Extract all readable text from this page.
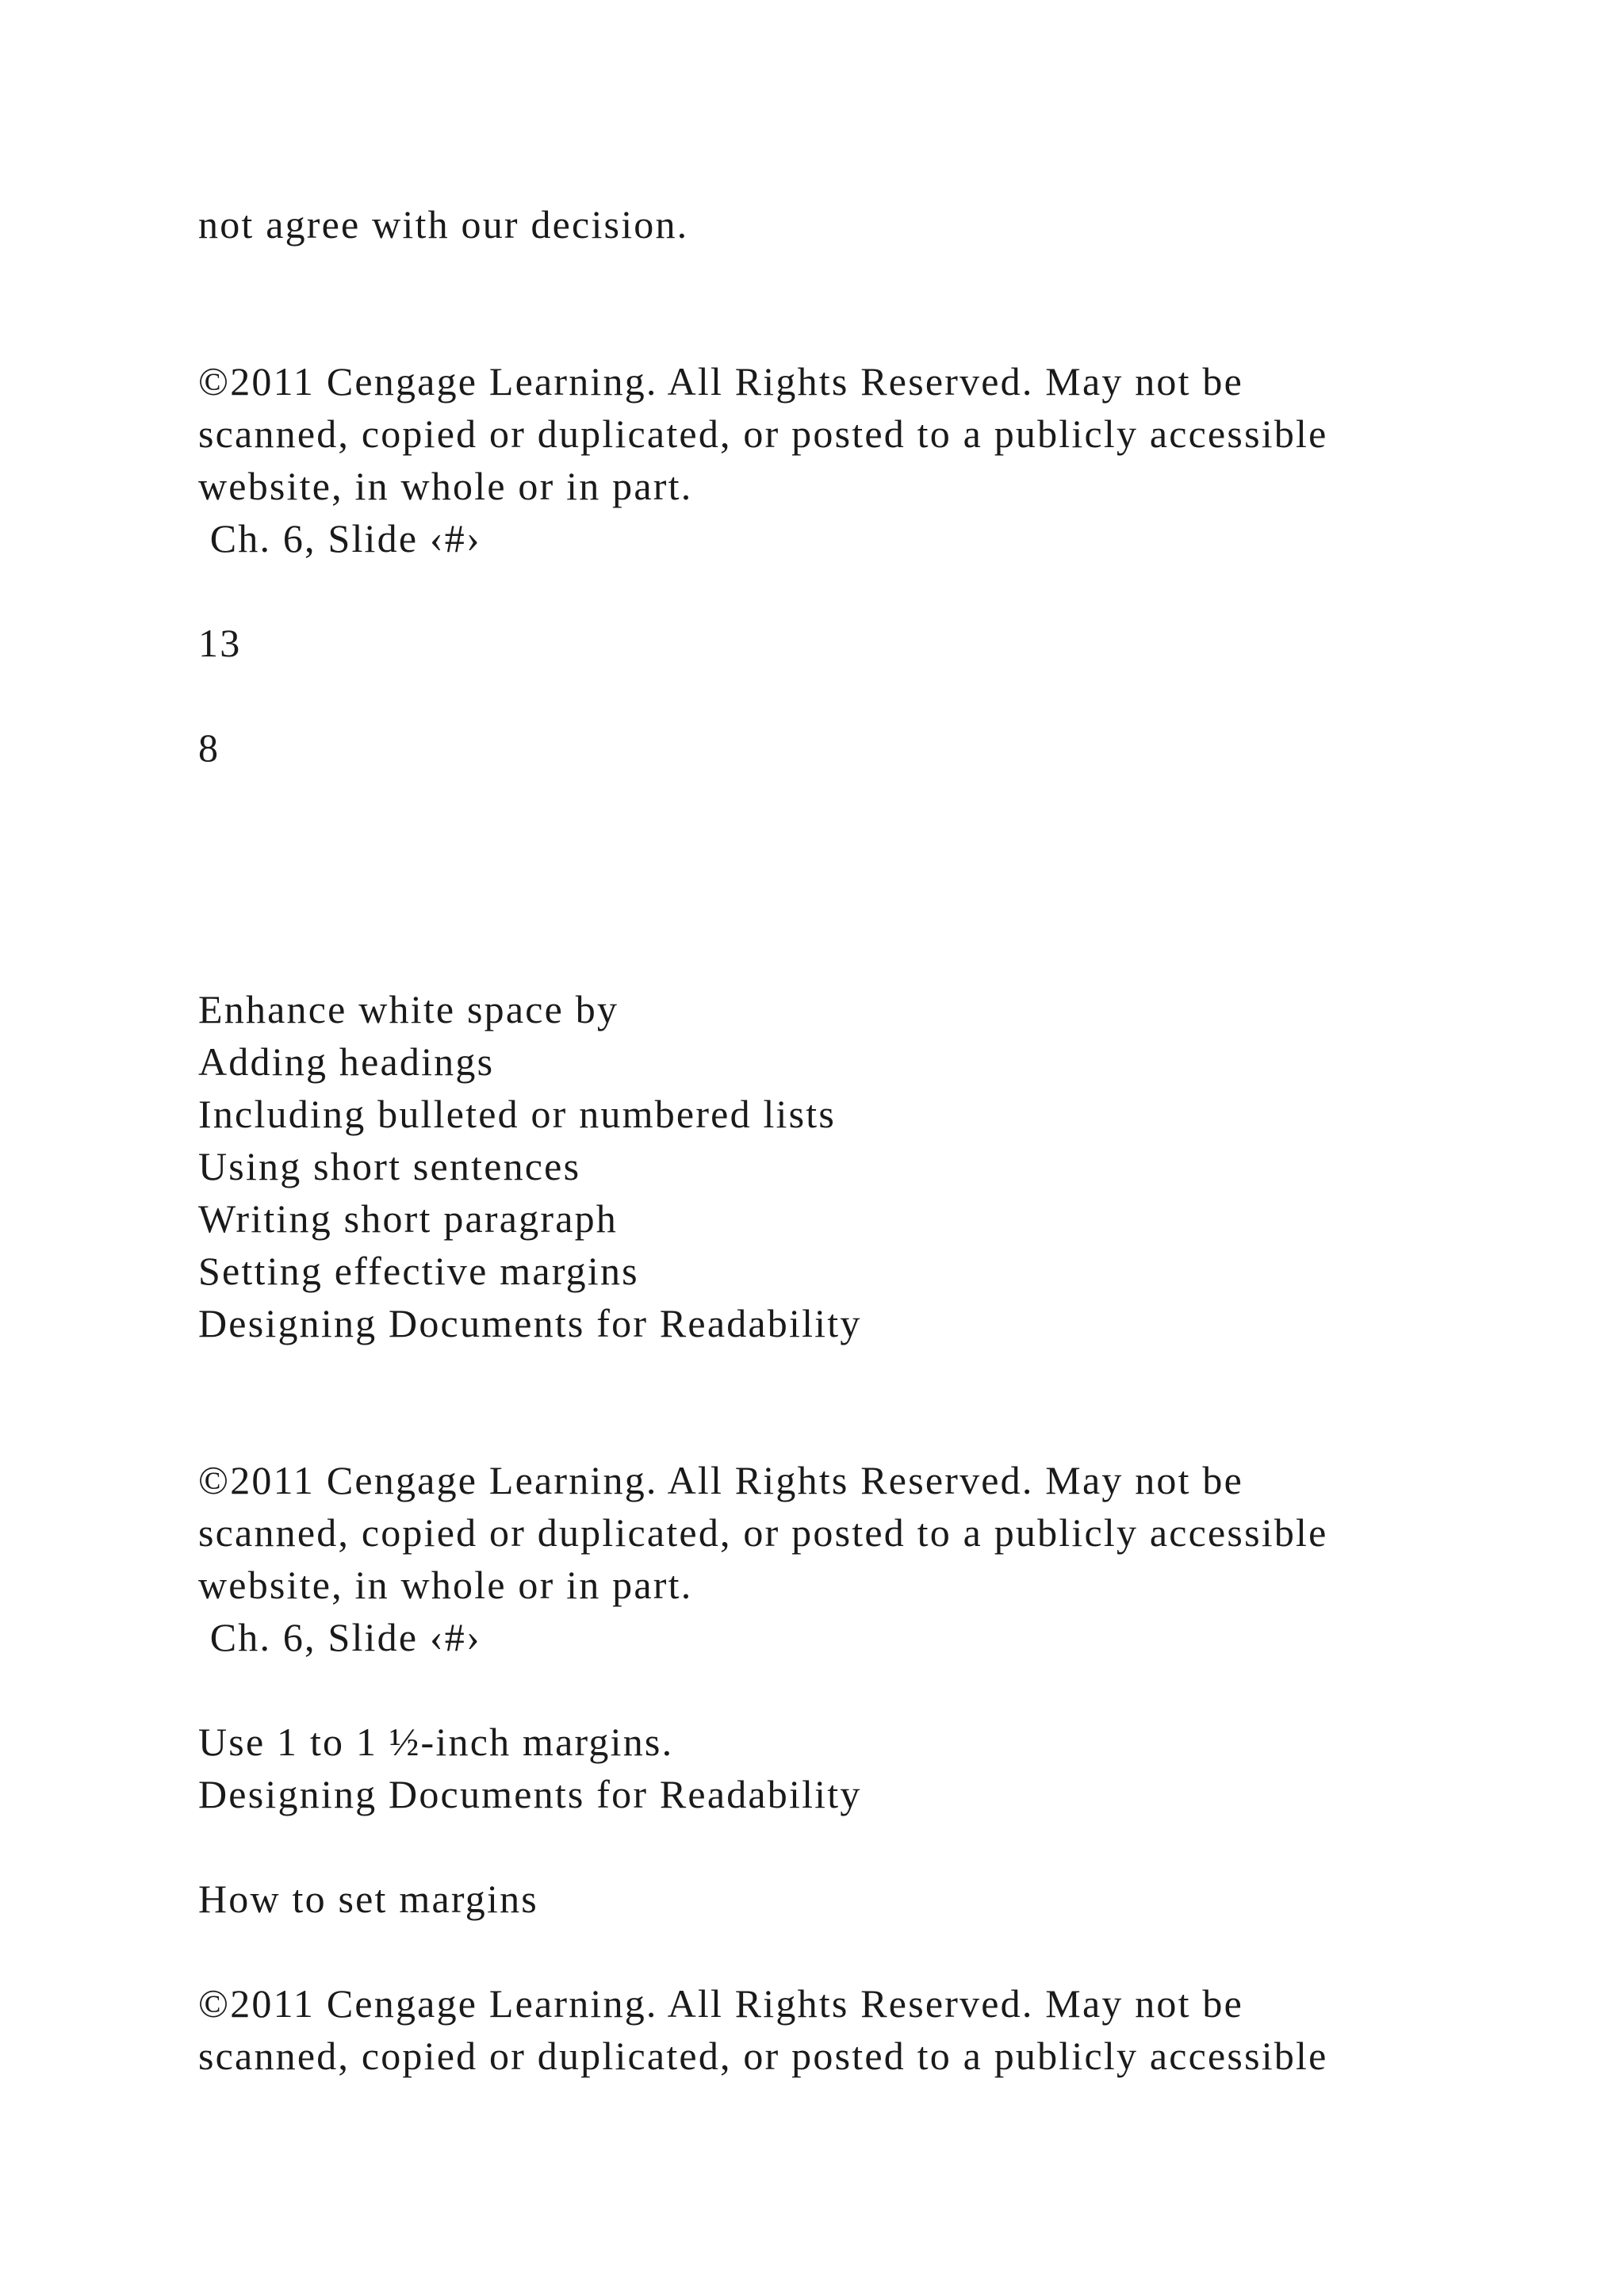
not agree with our decision.

©2011 Cengage Learning. All Rights Reserved. May not be

scanned, copied or duplicated, or posted to a publicly accessible

website, in whole or in part.

Ch. 6, Slide ‹#›

13

8

Enhance white space by

Adding headings

Including bulleted or numbered lists

Using short sentences

Writing short paragraph

Setting effective margins

Designing Documents for Readability

©2011 Cengage Learning. All Rights Reserved. May not be

scanned, copied or duplicated, or posted to a publicly accessible

website, in whole or in part.

Ch. 6, Slide ‹#›

Use 1 to 1 ½-inch margins.

Designing Documents for Readability

How to set margins

©2011 Cengage Learning. All Rights Reserved. May not be

scanned, copied or duplicated, or posted to a publicly accessible
